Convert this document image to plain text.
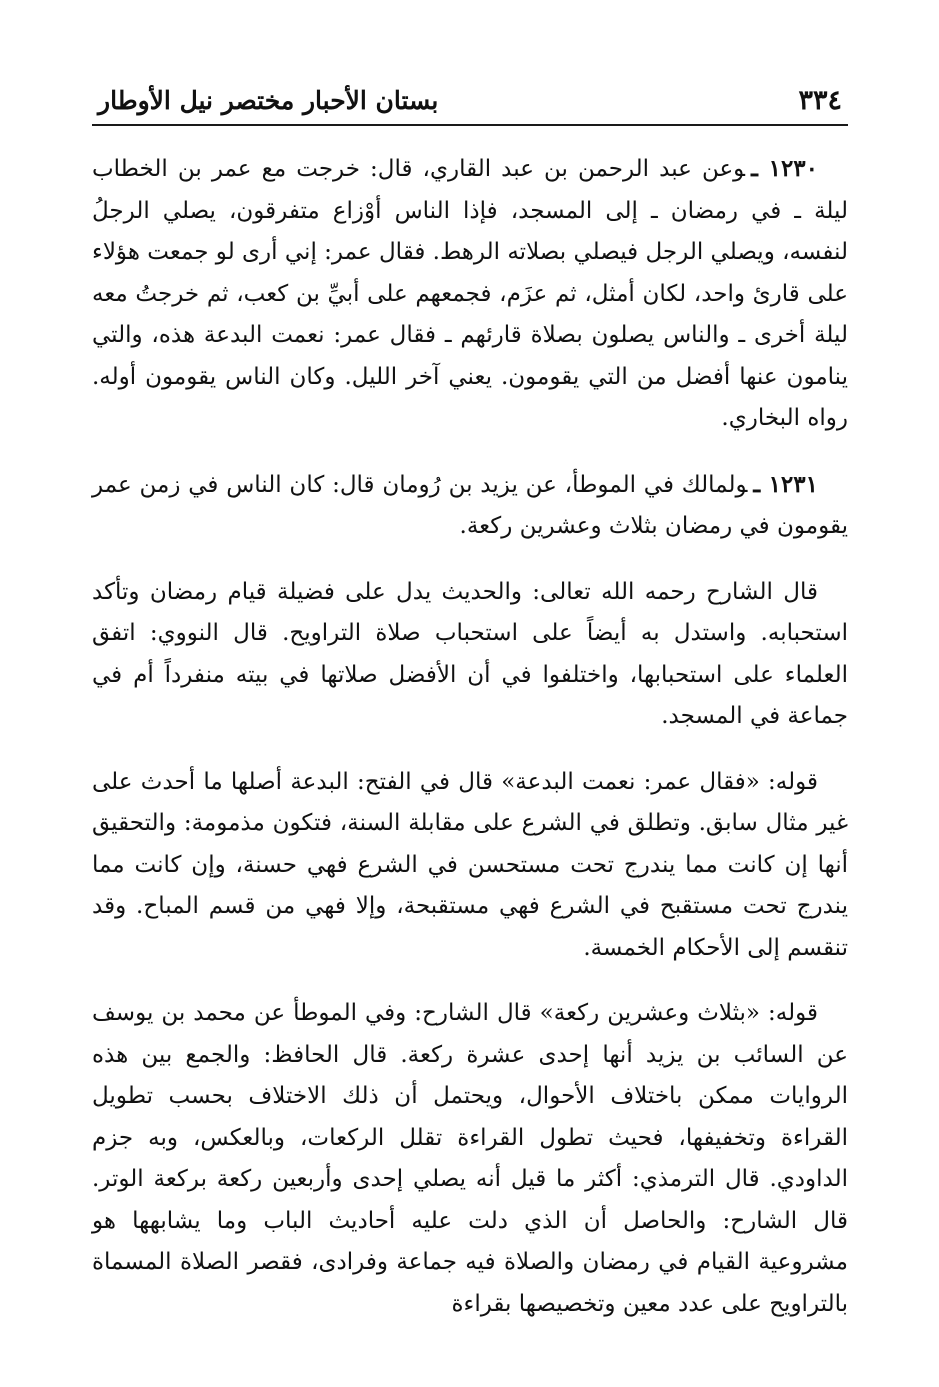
٣٣٤
بستان الأحبار مختصر نيل الأوطار

١٢٣٠ ـوعن عبد الرحمن بن عبد القاري، قال: خرجت مع عمر بن الخطاب ليلة ـ في رمضان ـ إلى المسجد، فإذا الناس أوْزاع متفرقون، يصلي الرجلُ لنفسه، ويصلي الرجل فيصلي بصلاته الرهط. فقال عمر: إني أرى لو جمعت هؤلاء على قارئ واحد، لكان أمثل، ثم عزَم، فجمعهم على أبيِّ بن كعب، ثم خرجتُ معه ليلة أخرى ـ والناس يصلون بصلاة قارئهم ـ فقال عمر: نعمت البدعة هذه، والتي ينامون عنها أفضل من التي يقومون. يعني آخر الليل. وكان الناس يقومون أوله. رواه البخاري.

١٢٣١ ـولمالك في الموطأ، عن يزيد بن رُومان قال: كان الناس في زمن عمر يقومون في رمضان بثلاث وعشرين ركعة.

قال الشارح رحمه الله تعالى: والحديث يدل على فضيلة قيام رمضان وتأكد استحبابه. واستدل به أيضاً على استحباب صلاة التراويح. قال النووي: اتفق العلماء على استحبابها، واختلفوا في أن الأفضل صلاتها في بيته منفرداً أم في جماعة في المسجد.

قوله: «فقال عمر: نعمت البدعة» قال في الفتح: البدعة أصلها ما أحدث على غير مثال سابق. وتطلق في الشرع على مقابلة السنة، فتكون مذمومة: والتحقيق أنها إن كانت مما يندرج تحت مستحسن في الشرع فهي حسنة، وإن كانت مما يندرج تحت مستقبح في الشرع فهي مستقبحة، وإلا فهي من قسم المباح. وقد تنقسم إلى الأحكام الخمسة.

قوله: «بثلاث وعشرين ركعة» قال الشارح: وفي الموطأ عن محمد بن يوسف عن السائب بن يزيد أنها إحدى عشرة ركعة. قال الحافظ: والجمع بين هذه الروايات ممكن باختلاف الأحوال، ويحتمل أن ذلك الاختلاف بحسب تطويل القراءة وتخفيفها، فحيث تطول القراءة تقلل الركعات، وبالعكس، وبه جزم الداودي. قال الترمذي: أكثر ما قيل أنه يصلي إحدى وأربعين ركعة بركعة الوتر. قال الشارح: والحاصل أن الذي دلت عليه أحاديث الباب وما يشابهها هو مشروعية القيام في رمضان والصلاة فيه جماعة وفرادى، فقصر الصلاة المسماة بالتراويح على عدد معين وتخصيصها بقراءة
